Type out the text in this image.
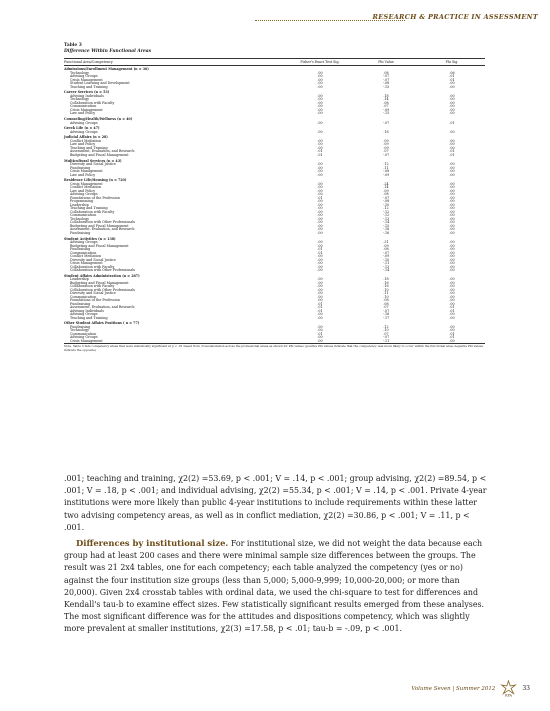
RESEARCH & PRACTICE IN ASSESSMENT
Table 3
Difference Within Functional Areas
Functional Area/Competency	Fisher's Exact Test Sig.	Phi Value	Phi Sig.
Admissions/Enrollment Management (n = 36)			
Technology	.00	.08	.06
Advising Groups	.00	-.07	.01
Crisis Management	.00	-.07	.01
Student Learning and Development	.00	-.08	.00
Teaching and Training	.00	-.15	.00
Career Services (n = 53)			
Advising Individuals	.00	.18	.00
Technology	.00	.14	.00
Collaboration with Faculty	.00	.08	.00
Communication	.00	.07	.00
Crisis Management	.00	-.09	.00
Law and Policy	.00	-.15	.00
Counseling/Health/Wellness (n = 40)			
Advising Groups	.00	-.07	.01
Greek Life (n = 47)			
Advising Groups	.00	.18	.00
Judicial Affairs (n = 28)			
Conflict Mediation	.00	.09	.00
Law and Policy	.00	.09	.00
Teaching and Training	.00	.09	.00
Assessment, Evaluation, and Research	.01	.07	.01
Budgeting and Fiscal Management	.01	-.07	.01
Multicultural Services (n = 43)			
Diversity and Social Justice	.00	.12	.00
Fundraising	.00	.11	.00
Crisis Management	.00	-.08	.00
Law and Policy	.00	-.09	.00
Residence Life/Housing (n = 720)			
Crisis Management	.00	.24	.00
Conflict Mediation	.00	.14	.00
Law and Policy	.00	.09	.00
Advising Groups	.00	.08	.00
Foundations of the Profession	.01	-.07	.00
Programming	.00	-.08	.00
Leadership	.00	-.10	.00
Teaching and Training	.00	.12	.00
Collaboration with Faculty	.00	-.12	.00
Communication	.00	-.12	.00
Technology	.00	-.13	.00
Collaboration with Other Professionals	.00	-.14	.00
Budgeting and Fiscal Management	.00	-.15	.00
Assessment, Evaluation, and Research	.00	-.16	.00
Fundraising	.00	-.16	.00
Student Activities (n = 138)			
Advising Groups	.00	.31	.00
Budgeting and Fiscal Management	.00	.09	.00
Fundraising	.01	.08	.00
Communication	.01	-.07	.00
Conflict Mediation	.00	-.09	.00
Diversity and Social Justice	.00	-.10	.00
Crisis Management	.00	-.11	.00
Collaboration with Faculty	.00	-.13	.00
Collaboration with Other Professionals	.00	-.14	.00
Student Affairs Administration (n = 287)			
Leadership	.00	.18	.00
Budgeting and Fiscal Management	.00	.16	.00
Collaboration with Faculty	.00	.16	.00
Collaboration with Other Professionals	.00	.10	.00
Diversity and Social Justice	.00	.11	.00
Communication	.00	.10	.00
Foundations of the Profession	.00	.08	.00
Fundraising	.01	.08	.00
Assessment, Evaluation, and Research	.01	.07	.01
Advising Individuals	.01	-.07	.01
Advising Groups	.00	-.16	.00
Teaching and Training	.00	-.17	.00
Other Student Affairs Positions ( n = 77)			
Fundraising	.00	.12	.00
Technology	.00	.10	.00
Communication	.01	.07	.01
Advising Groups	.00	-.07	.01
Crisis Management	.00	-.11	.00
Note. Table 3 lists competency areas that were statistically significant at p < .01 based from cross-tabulation across the professional areas as shown for Phi values (positive Phi values indicate that the competency was more likely to occur within the functional area; negative Phi values indicate the opposite)
.001; teaching and training, χ2(2) =53.69, p < .001; V = .14, p < .001; group advising, χ2(2) =89.54, p < .001; V = .18, p < .001; and individual advising, χ2(2) =55.34, p < .001; V = .14, p < .001. Private 4-year institutions were more likely than public 4-year institutions to include requirements within these latter two advising competency areas, as well as in conflict mediation, χ2(2) =30.86, p < .001; V = .11, p < .001.
Differences by institutional size. For institutional size, we did not weight the data because each group had at least 200 cases and there were minimal sample size differences between the groups. The result was 21 2x4 tables, one for each competency; each table analyzed the competency (yes or no) against the four institution size groups (less than 5,000; 5,000-9,999; 10,000-20,000; or more than 20,000). Given 2x4 crosstab tables with ordinal data, we used the chi-square to test for differences and Kendall's tau-b to examine effect sizes. Few statistically significant results emerged from these analyses. The most significant difference was for the attitudes and dispositions competency, which was slightly more prevalent at smaller institutions, χ2(3) =17.58, p < .01; tau-b = -.09, p < .001.
Volume Seven | Summer 2012
RPA
33
